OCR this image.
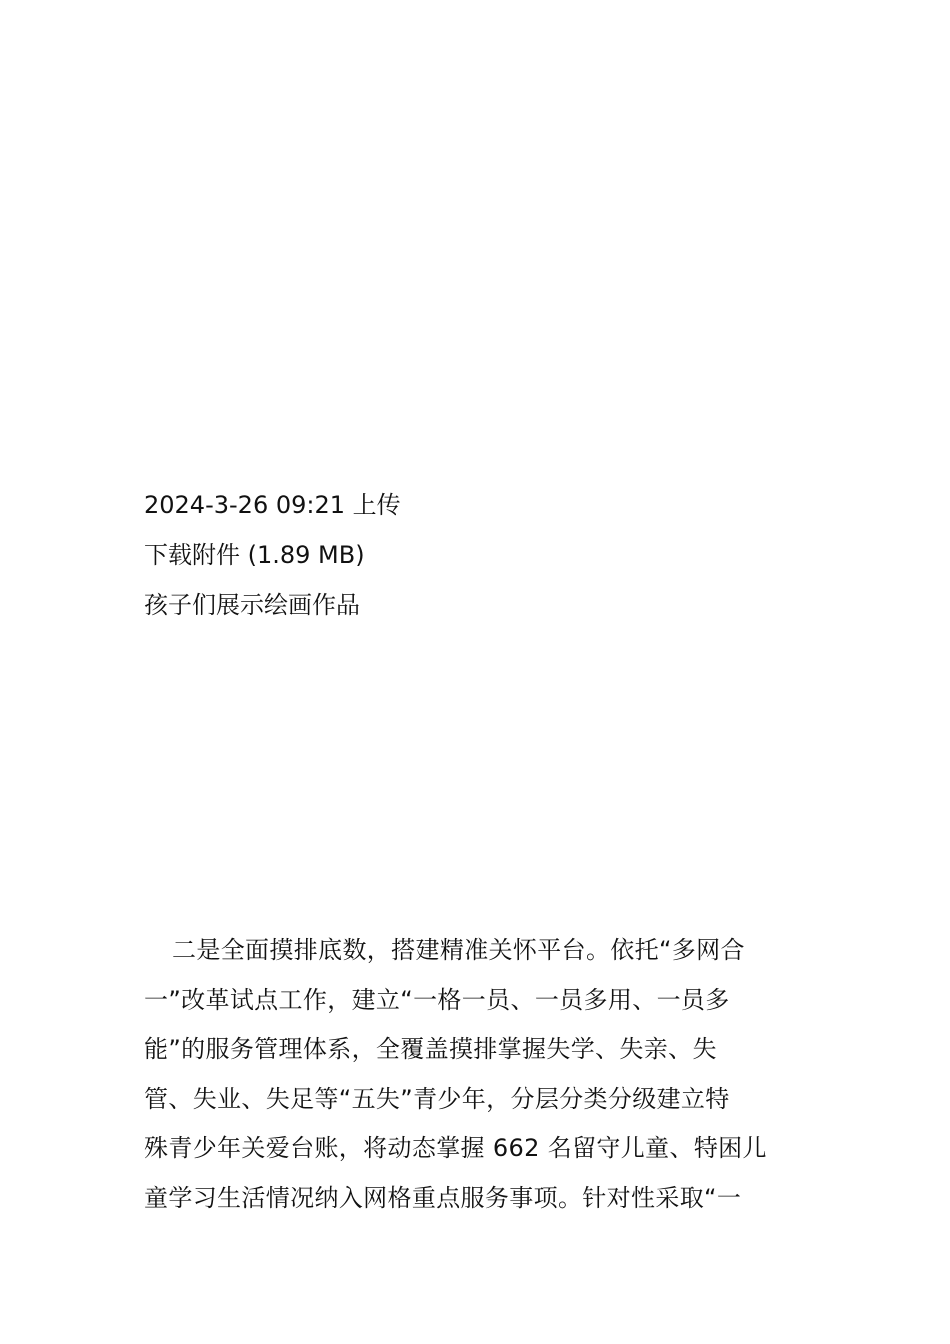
2024-3-26 09:21 上传
下载附件 (1.89 MB)
孩子们展示绘画作品
二是全面摸排底数，搭建精准关怀平台。依托“多网合
一”改革试点工作，建立“一格一员、一员多用、一员多
能”的服务管理体系，全覆盖摸排掌握失学、失亲、失
管、失业、失足等“五失”青少年，分层分类分级建立特
殊青少年关爱台账，将动态掌握 662 名留守儿童、特困儿
童学习生活情况纳入网格重点服务事项。针对性采取“一
